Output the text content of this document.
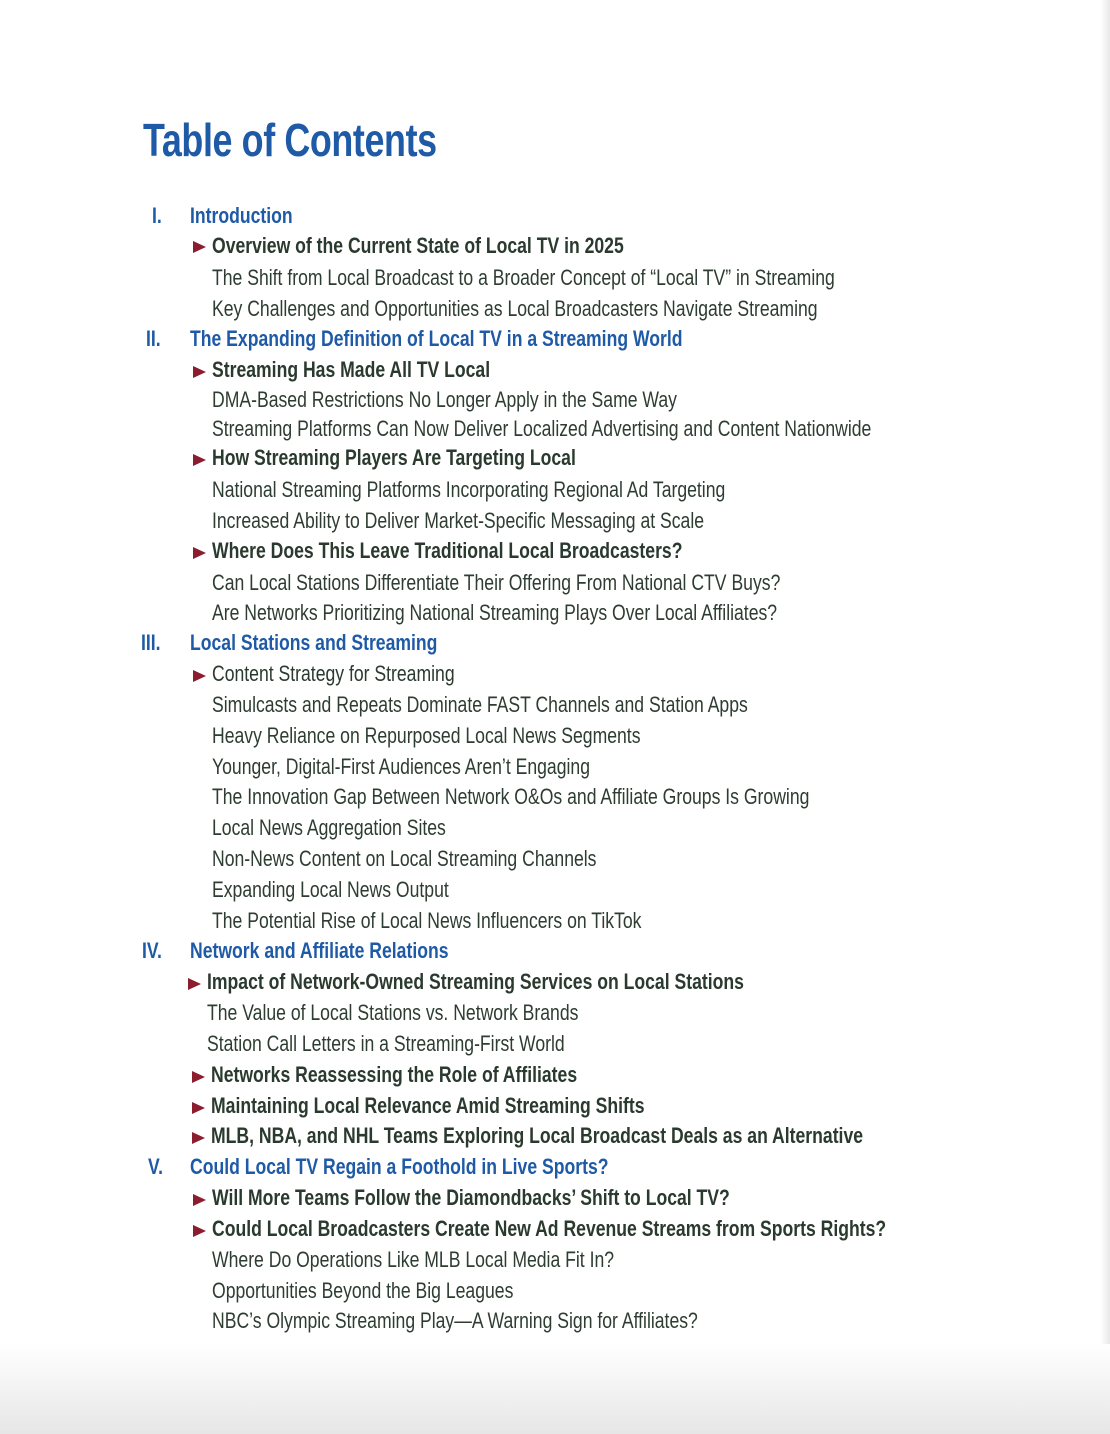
Table of Contents
I. Introduction
Overview of the Current State of Local TV in 2025
The Shift from Local Broadcast to a Broader Concept of “Local TV” in Streaming
Key Challenges and Opportunities as Local Broadcasters Navigate Streaming
II. The Expanding Definition of Local TV in a Streaming World
Streaming Has Made All TV Local
DMA-Based Restrictions No Longer Apply in the Same Way
Streaming Platforms Can Now Deliver Localized Advertising and Content Nationwide
How Streaming Players Are Targeting Local
National Streaming Platforms Incorporating Regional Ad Targeting
Increased Ability to Deliver Market-Specific Messaging at Scale
Where Does This Leave Traditional Local Broadcasters?
Can Local Stations Differentiate Their Offering From National CTV Buys?
Are Networks Prioritizing National Streaming Plays Over Local Affiliates?
III. Local Stations and Streaming
Content Strategy for Streaming
Simulcasts and Repeats Dominate FAST Channels and Station Apps
Heavy Reliance on Repurposed Local News Segments
Younger, Digital-First Audiences Aren’t Engaging
The Innovation Gap Between Network O&Os and Affiliate Groups Is Growing
Local News Aggregation Sites
Non-News Content on Local Streaming Channels
Expanding Local News Output
The Potential Rise of Local News Influencers on TikTok
IV. Network and Affiliate Relations
Impact of Network-Owned Streaming Services on Local Stations
The Value of Local Stations vs. Network Brands
Station Call Letters in a Streaming-First World
Networks Reassessing the Role of Affiliates
Maintaining Local Relevance Amid Streaming Shifts
MLB, NBA, and NHL Teams Exploring Local Broadcast Deals as an Alternative
V. Could Local TV Regain a Foothold in Live Sports?
Will More Teams Follow the Diamondbacks’ Shift to Local TV?
Could Local Broadcasters Create New Ad Revenue Streams from Sports Rights?
Where Do Operations Like MLB Local Media Fit In?
Opportunities Beyond the Big Leagues
NBC’s Olympic Streaming Play—A Warning Sign for Affiliates?
